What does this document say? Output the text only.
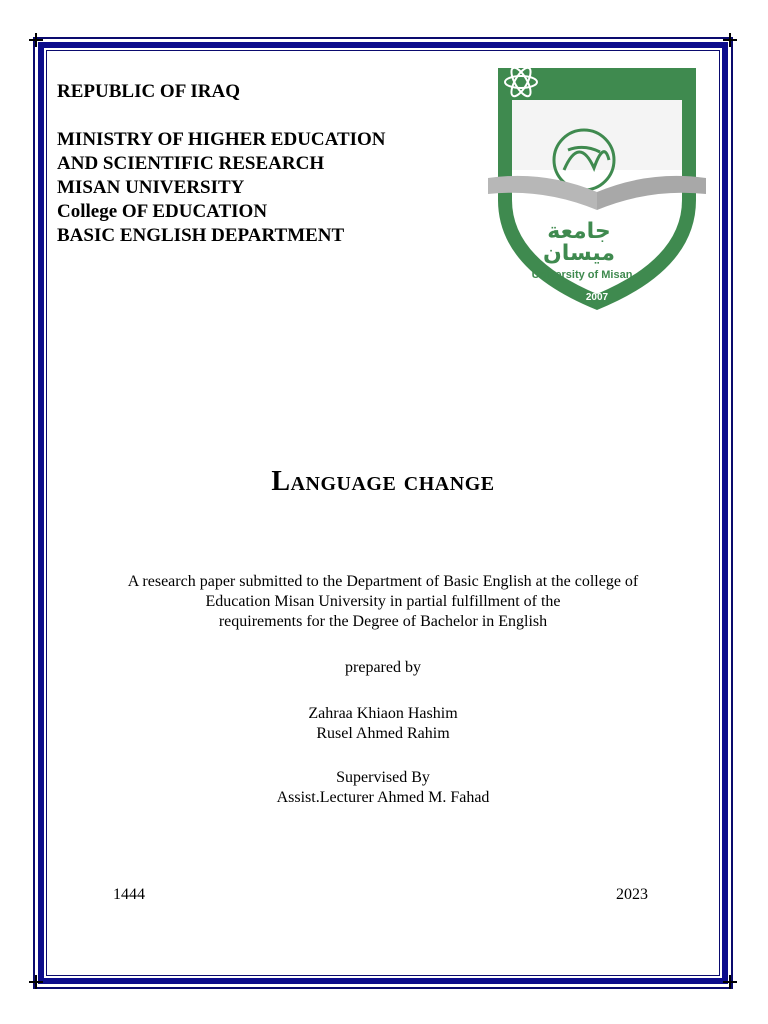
REPUBLIC OF IRAQ
MINISTRY OF HIGHER EDUCATION
AND SCIENTIFIC RESEARCH
MISAN UNIVERSITY
College OF EDUCATION
BASIC ENGLISH DEPARTMENT	جامعة
ميسان
University of Misan
2007
Language change
A research paper submitted to the Department of Basic English at the college of
Education Misan University in partial fulfillment of the
requirements for the Degree of Bachelor in English
prepared by
Zahraa Khiaon Hashim
Rusel Ahmed Rahim
Supervised By
Assist.Lecturer Ahmed M. Fahad
1444	2023
